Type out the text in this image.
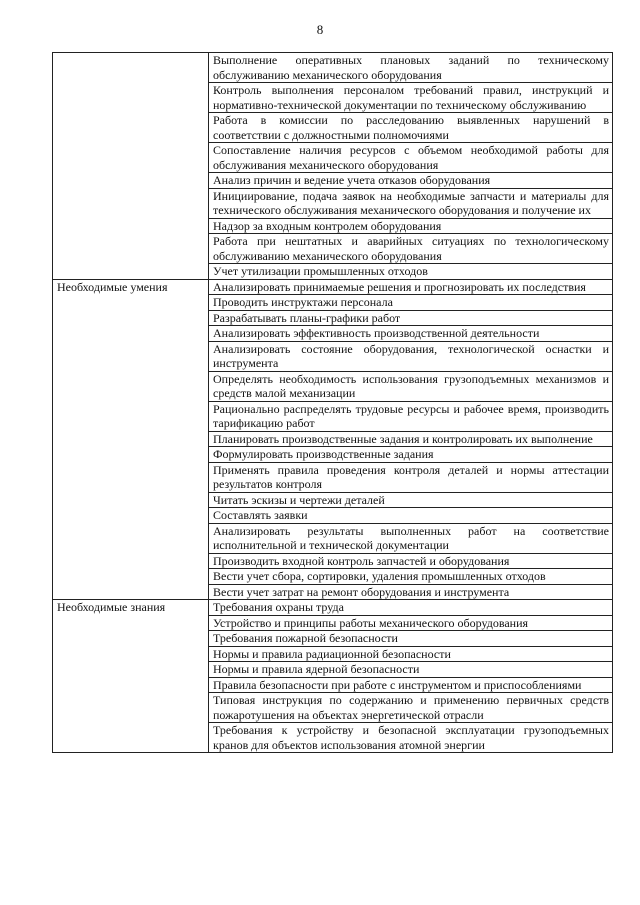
8
	Выполнение оперативных плановых заданий по техническому обслуживанию механического оборудования
	Контроль выполнения персоналом требований правил, инструкций и нормативно-технической документации по техническому обслуживанию
	Работа в комиссии по расследованию выявленных нарушений в соответствии с должностными полномочиями
	Сопоставление наличия ресурсов с объемом необходимой работы для обслуживания механического оборудования
	Анализ причин и ведение учета отказов оборудования
	Инициирование, подача заявок на необходимые запчасти и материалы для технического обслуживания механического оборудования и получение их
	Надзор за входным контролем оборудования
	Работа при нештатных и аварийных ситуациях по технологическому обслуживанию механического оборудования
	Учет утилизации промышленных отходов
Необходимые умения	Анализировать принимаемые решения и прогнозировать их последствия
	Проводить инструктажи персонала
	Разрабатывать планы-графики работ
	Анализировать эффективность производственной деятельности
	Анализировать состояние оборудования, технологической оснастки и инструмента
	Определять необходимость использования грузоподъемных механизмов и средств малой механизации
	Рационально распределять трудовые ресурсы и рабочее время, производить тарификацию работ
	Планировать производственные задания и контролировать их выполнение
	Формулировать производственные задания
	Применять правила проведения контроля деталей и нормы аттестации результатов контроля
	Читать эскизы и чертежи деталей
	Составлять заявки
	Анализировать результаты выполненных работ на соответствие исполнительной и технической документации
	Производить входной контроль запчастей и оборудования
	Вести учет сбора, сортировки, удаления промышленных отходов
	Вести учет затрат на ремонт оборудования и инструмента
Необходимые знания	Требования охраны труда
	Устройство и принципы работы механического оборудования
	Требования пожарной безопасности
	Нормы и правила радиационной безопасности
	Нормы и правила ядерной безопасности
	Правила безопасности при работе с инструментом и приспособлениями
	Типовая инструкция по содержанию и применению первичных средств пожаротушения на объектах энергетической отрасли
	Требования к устройству и безопасной эксплуатации грузоподъемных кранов для объектов использования атомной энергии
